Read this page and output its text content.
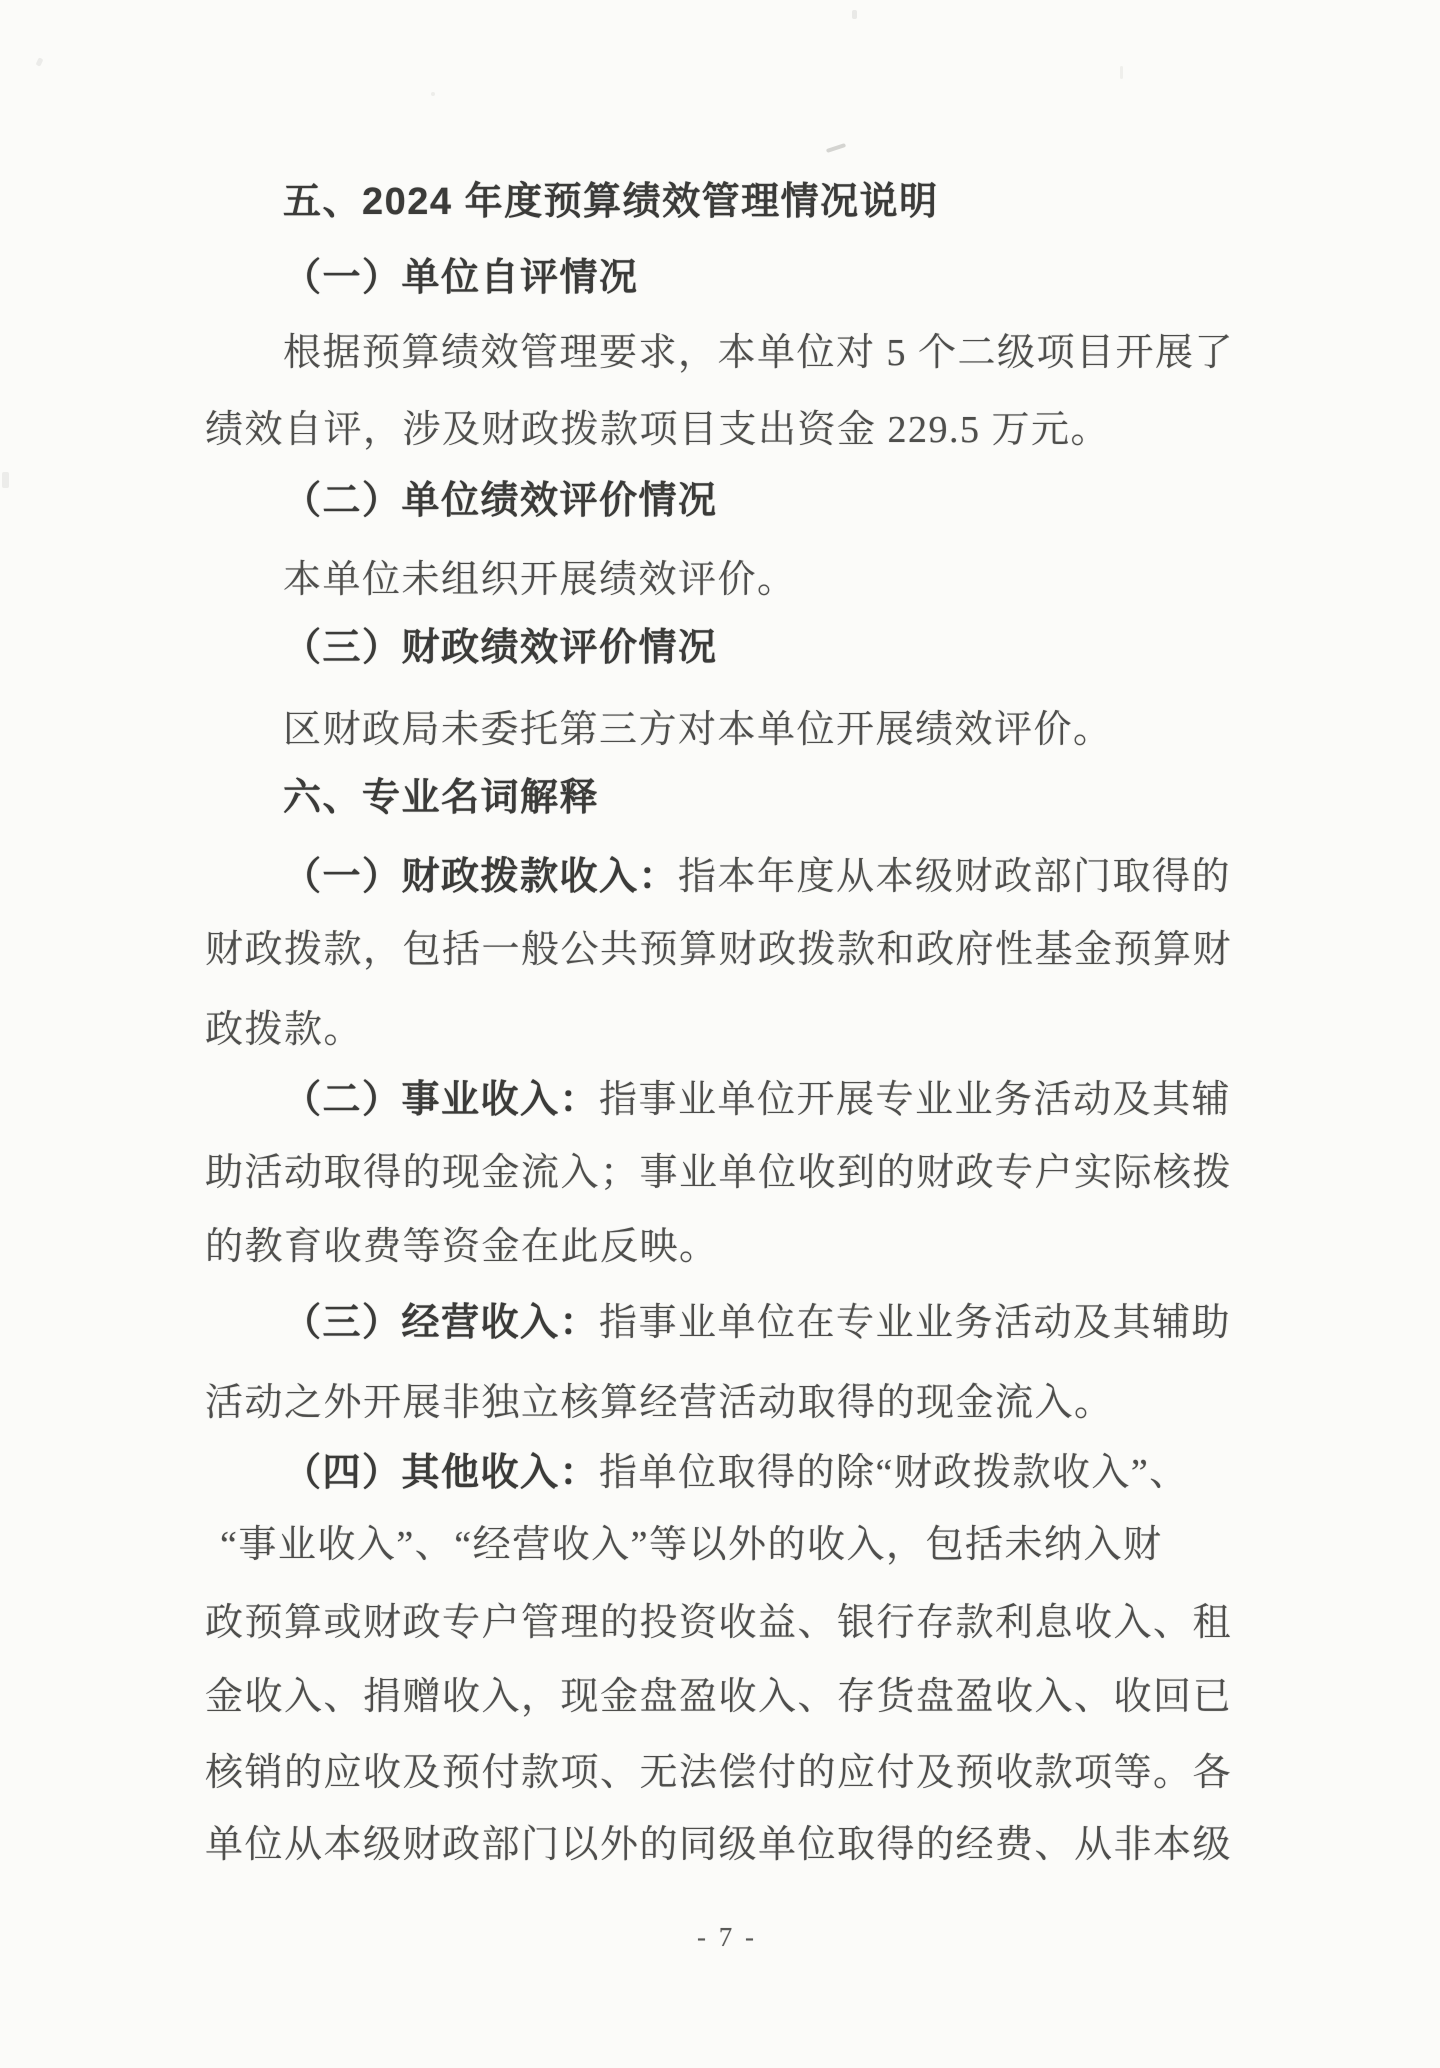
五、2024 年度预算绩效管理情况说明
（一）单位自评情况
根据预算绩效管理要求，本单位对 5 个二级项目开展了
绩效自评，涉及财政拨款项目支出资金 229.5 万元。
（二）单位绩效评价情况
本单位未组织开展绩效评价。
（三）财政绩效评价情况
区财政局未委托第三方对本单位开展绩效评价。
六、专业名词解释
（一）财政拨款收入：指本年度从本级财政部门取得的
财政拨款，包括一般公共预算财政拨款和政府性基金预算财
政拨款。
（二）事业收入：指事业单位开展专业业务活动及其辅
助活动取得的现金流入；事业单位收到的财政专户实际核拨
的教育收费等资金在此反映。
（三）经营收入：指事业单位在专业业务活动及其辅助
活动之外开展非独立核算经营活动取得的现金流入。
（四）其他收入：指单位取得的除“财政拨款收入”、
“事业收入”、“经营收入”等以外的收入，包括未纳入财
政预算或财政专户管理的投资收益、银行存款利息收入、租
金收入、捐赠收入，现金盘盈收入、存货盘盈收入、收回已
核销的应收及预付款项、无法偿付的应付及预收款项等。各
单位从本级财政部门以外的同级单位取得的经费、从非本级
- 7 -
